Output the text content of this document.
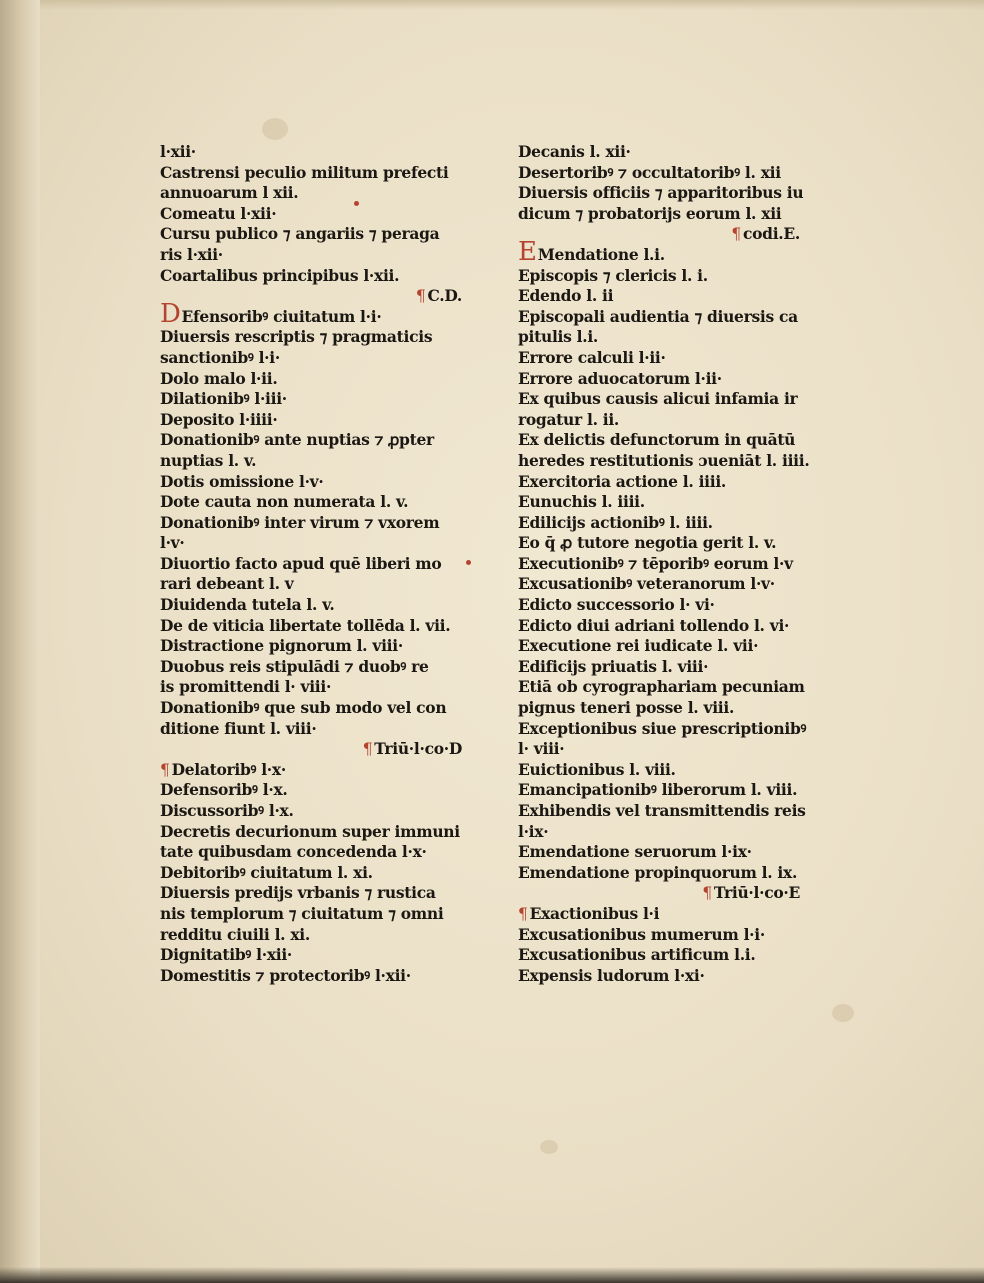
l·xii·
Castrensi peculio militum prefecti
annuoarum l xii.
Comeatu l·xii·
Cursu publico ⁊ angariis ⁊ peraga
ris l·xii·
Coartalibus principibus l·xii.
¶ C.D.
DEfensoribꝰ ciuitatum l·i·
Diuersis rescriptis ⁊ pragmaticis
sanctionibꝰ l·i·
Dolo malo l·ii.
Dilationibꝰ l·iii·
Deposito l·iiii·
Donationibꝰ ante nuptias ⁊ ꝓpter
nuptias l. v.
Dotis omissione l·v·
Dote cauta non numerata l. v.
Donationibꝰ inter virum ⁊ vxorem
l·v·
Diuortio facto apud quē liberi mo
rari debeant l. v
Diuidenda tutela l. v.
De de viticia libertate tollēda l. vii.
Distractione pignorum l. viii·
Duobus reis stipulādi ⁊ duobꝰ re
is promittendi l· viii·
Donationibꝰ que sub modo vel con
ditione fiunt l. viii·
¶ Triū·l·co·D
¶ Delatoribꝰ l·x·
Defensoribꝰ l·x.
Discussoribꝰ l·x.
Decretis decurionum super immuni
tate quibusdam concedenda l·x·
Debitoribꝰ ciuitatum l. xi.
Diuersis predijs vrbanis ⁊ rustica
nis templorum ⁊ ciuitatum ⁊ omni
redditu ciuili l. xi.
Dignitatibꝰ l·xii·
Domestitis ⁊ protectoribꝰ l·xii·
Decanis l. xii·
Desertoribꝰ ⁊ occultatoribꝰ l. xii
Diuersis officiis ⁊ apparitoribus iu
dicum ⁊ probatorijs eorum l. xii
¶ codi.E.
EMendatione l.i.
Episcopis ⁊ clericis l. i.
Edendo l. ii
Episcopali audientia ⁊ diuersis ca
pitulis l.i.
Errore calculi l·ii·
Errore aduocatorum l·ii·
Ex quibus causis alicui infamia ir
rogatur l. ii.
Ex delictis defunctorum in quātū
heredes restitutionis ɔueniāt l. iiii.
Exercitoria actione l. iiii.
Eunuchis l. iiii.
Edilicijs actionibꝰ l. iiii.
Eo q̄ ꝓ tutore negotia gerit l. v.
Executionibꝰ ⁊ tēporibꝰ eorum l·v
Excusationibꝰ veteranorum l·v·
Edicto successorio l· vi·
Edicto diui adriani tollendo l. vi·
Executione rei iudicate l. vii·
Edificijs priuatis l. viii·
Etiā ob cyrographariam pecuniam
pignus teneri posse l. viii.
Exceptionibus siue prescriptionibꝰ
l· viii·
Euictionibus l. viii.
Emancipationibꝰ liberorum l. viii.
Exhibendis vel transmittendis reis
l·ix·
Emendatione seruorum l·ix·
Emendatione propinquorum l. ix.
¶ Triū·l·co·E
¶ Exactionibus l·i
Excusationibus mumerum l·i·
Excusationibus artificum l.i.
Expensis ludorum l·xi·
